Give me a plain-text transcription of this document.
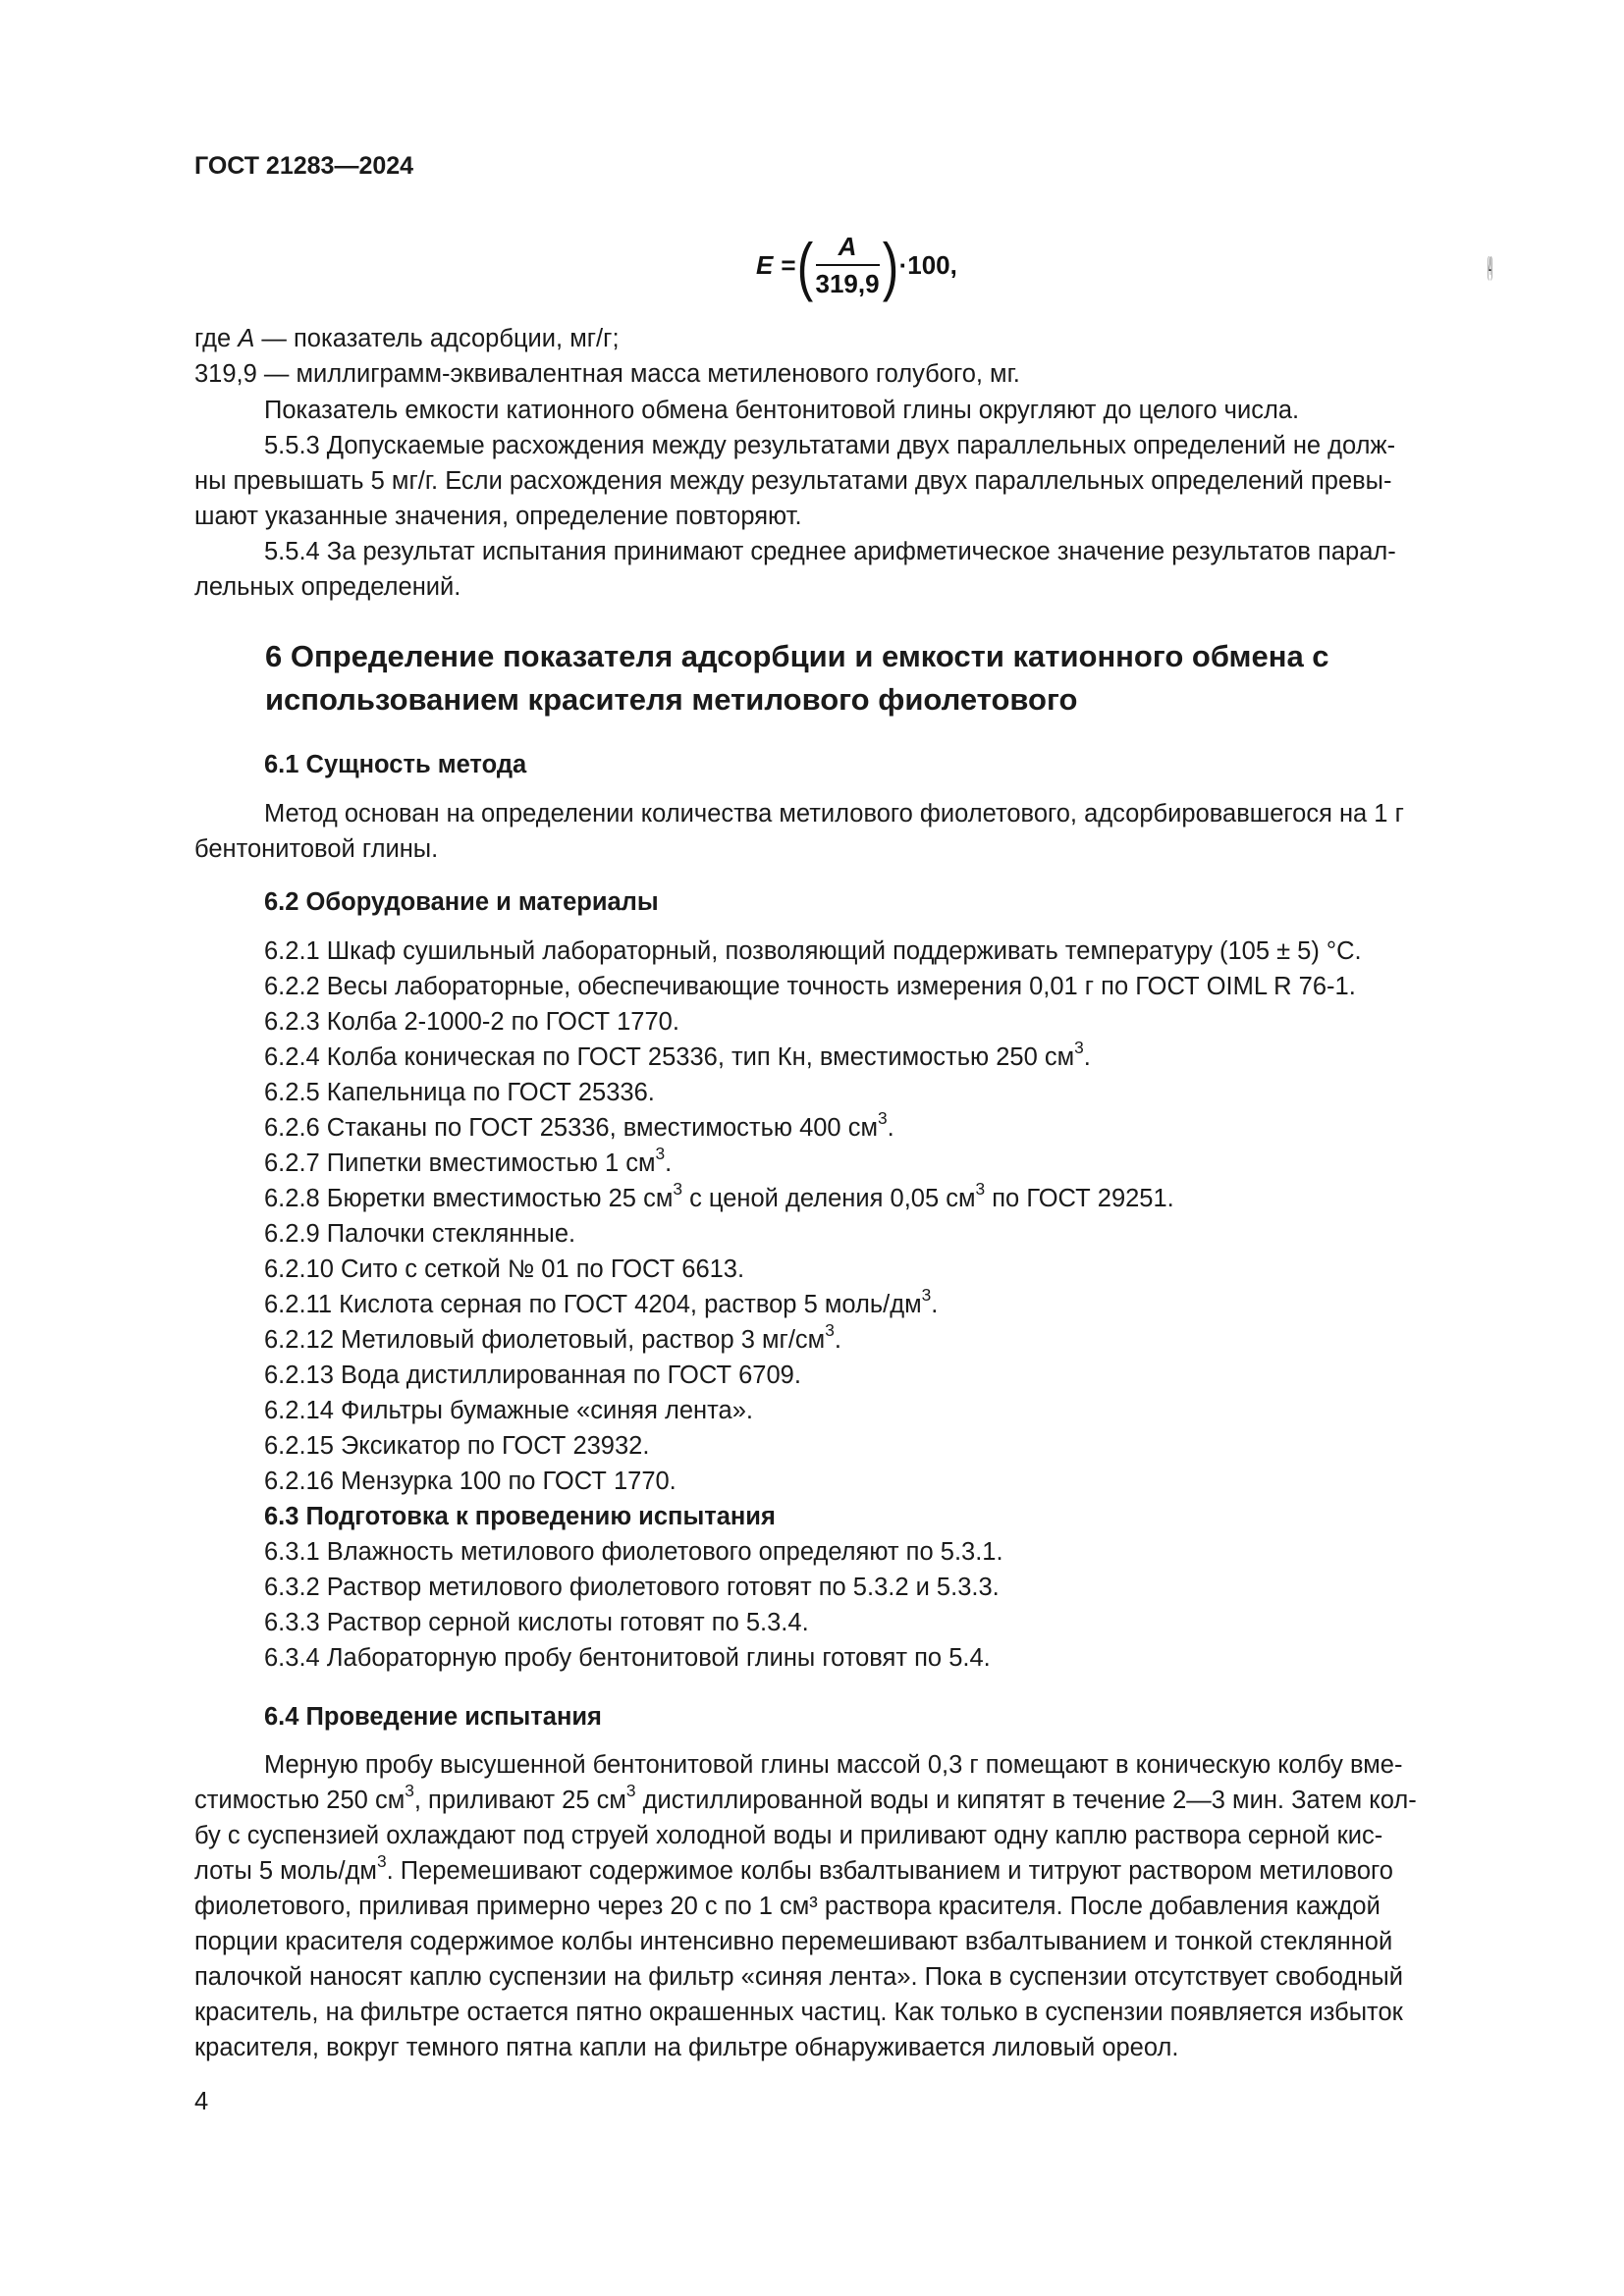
ГОСТ 21283—2024
E = ( $\frac{A}{319,9}$ ) ·100,	(4)
где A — показатель адсорбции, мг/г;
319,9 — миллиграмм-эквивалентная масса метиленового голубого, мг.
Показатель емкости катионного обмена бентонитовой глины округляют до целого числа.
5.5.3 Допускаемые расхождения между результатами двух параллельных определений не долж-
ны превышать 5 мг/г. Если расхождения между результатами двух параллельных определений превы-
шают указанные значения, определение повторяют.
5.5.4 За результат испытания принимают среднее арифметическое значение результатов парал-
лельных определений.
6 Определение показателя адсорбции и емкости катионного обмена с
использованием красителя метилового фиолетового
6.1 Сущность метода
Метод основан на определении количества метилового фиолетового, адсорбировавшегося на 1 г
бентонитовой глины.
6.2 Оборудование и материалы
6.2.1 Шкаф сушильный лабораторный, позволяющий поддерживать температуру (105 ± 5) °C.
6.2.2 Весы лабораторные, обеспечивающие точность измерения 0,01 г по ГОСТ OIML R 76-1.
6.2.3 Колба 2-1000-2 по ГОСТ 1770.
6.2.4 Колба коническая по ГОСТ 25336, тип Кн, вместимостью 250 $см^3$.
6.2.5 Капельница по ГОСТ 25336.
6.2.6 Стаканы по ГОСТ 25336, вместимостью 400 $см^3$.
6.2.7 Пипетки вместимостью 1 $см^3$.
6.2.8 Бюретки вместимостью 25 $см^3$ с ценой деления 0,05 $см^3$ по ГОСТ 29251.
6.2.9 Палочки стеклянные.
6.2.10 Сито с сеткой № 01 по ГОСТ 6613.
6.2.11 Кислота серная по ГОСТ 4204, раствор 5 моль/$дм^3$.
6.2.12 Метиловый фиолетовый, раствор 3 $мг/см^3$.
6.2.13 Вода дистиллированная по ГОСТ 6709.
6.2.14 Фильтры бумажные «синяя лента».
6.2.15 Эксикатор по ГОСТ 23932.
6.2.16 Мензурка 100 по ГОСТ 1770.
6.3 Подготовка к проведению испытания
6.3.1 Влажность метилового фиолетового определяют по 5.3.1.
6.3.2 Раствор метилового фиолетового готовят по 5.3.2 и 5.3.3.
6.3.3 Раствор серной кислоты готовят по 5.3.4.
6.3.4 Лабораторную пробу бентонитовой глины готовят по 5.4.
6.4 Проведение испытания
Мерную пробу высушенной бентонитовой глины массой 0,3 г помещают в коническую колбу вме-
стимостью 250 $см^3$, приливают 25 $см^3$ дистиллированной воды и кипятят в течение 2—3 мин. Затем кол-
бу с суспензией охлаждают под струей холодной воды и приливают одну каплю раствора серной кис-
лоты 5 моль/$дм^3$. Перемешивают содержимое колбы взбалтыванием и титруют раствором метилового
фиолетового, приливая примерно через 20 с по 1 см³ раствора красителя. После добавления каждой
порции красителя содержимое колбы интенсивно перемешивают взбалтыванием и тонкой стеклянной
палочкой наносят каплю суспензии на фильтр «синяя лента». Пока в суспензии отсутствует свободный
краситель, на фильтре остается пятно окрашенных частиц. Как только в суспензии появляется избыток
красителя, вокруг темного пятна капли на фильтре обнаруживается лиловый ореол.
4
